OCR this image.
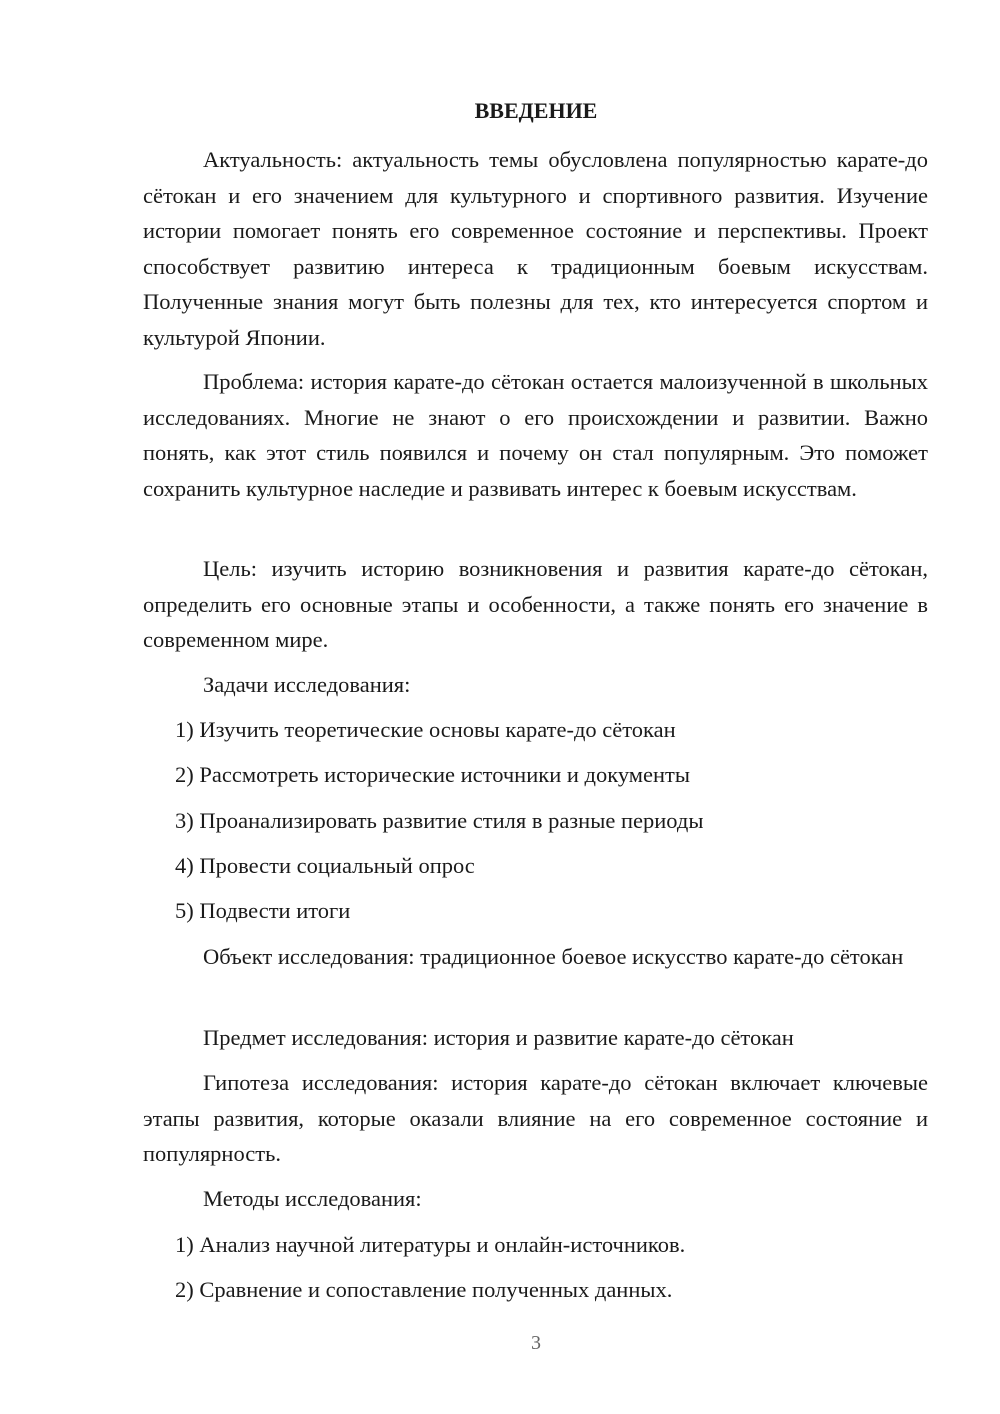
ВВЕДЕНИЕ

Актуальность: актуальность темы обусловлена популярностью карате-до сётокан и его значением для культурного и спортивного развития. Изучение истории помогает понять его современное состояние и перспективы. Проект способствует развитию интереса к традиционным боевым искусствам. Полученные знания могут быть полезны для тех, кто интересуется спортом и культурой Японии.

Проблема: история карате-до сётокан остается малоизученной в школьных исследованиях. Многие не знают о его происхождении и развитии. Важно понять, как этот стиль появился и почему он стал популярным. Это поможет сохранить культурное наследие и развивать интерес к боевым искусствам.

Цель: изучить историю возникновения и развития карате-до сётокан, определить его основные этапы и особенности, а также понять его значение в современном мире.

Задачи исследования:
1) Изучить теоретические основы карате-до сётокан
2) Рассмотреть исторические источники и документы
3) Проанализировать развитие стиля в разные периоды
4) Провести социальный опрос
5) Подвести итоги

Объект исследования: традиционное боевое искусство карате-до сётокан

Предмет исследования: история и развитие карате-до сётокан

Гипотеза исследования: история карате-до сётокан включает ключевые этапы развития, которые оказали влияние на его современное состояние и популярность.

Методы исследования:
1) Анализ научной литературы и онлайн-источников.
2) Сравнение и сопоставление полученных данных.
3
